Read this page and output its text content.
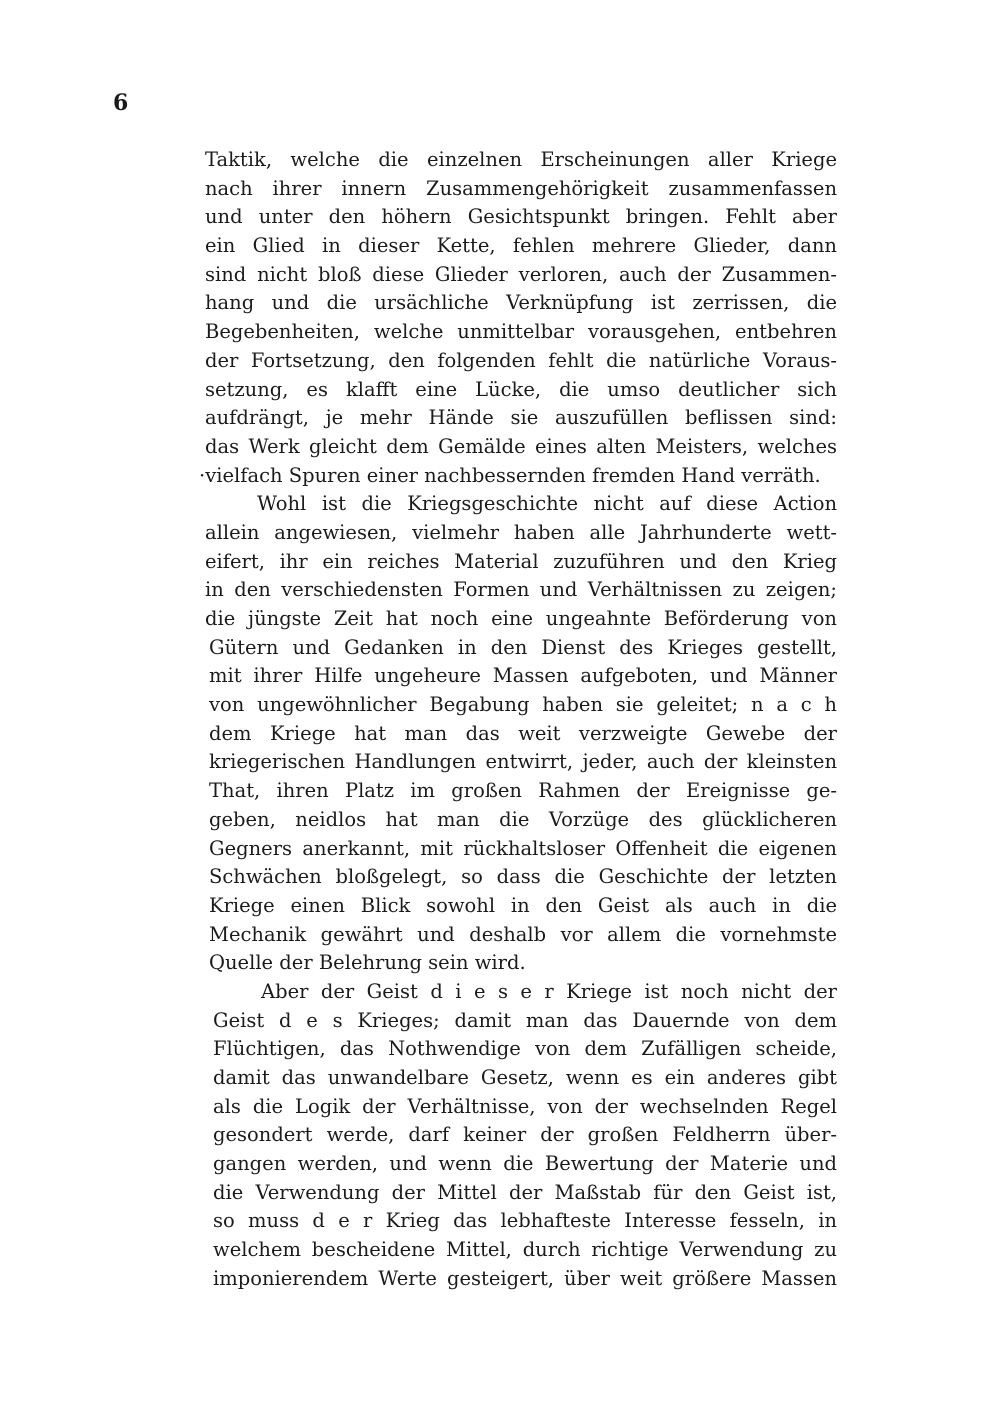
6
Taktik, welche die einzelnen Erscheinungen aller Kriege
nach ihrer innern Zusammengehörigkeit zusammenfassen
und unter den höhern Gesichtspunkt bringen. Fehlt aber
ein Glied in dieser Kette, fehlen mehrere Glieder, dann
sind nicht bloß diese Glieder verloren, auch der Zusammen-
hang und die ursächliche Verknüpfung ist zerrissen, die
Begebenheiten, welche unmittelbar vorausgehen, entbehren
der Fortsetzung, den folgenden fehlt die natürliche Voraus-
setzung, es klafft eine Lücke, die umso deutlicher sich
aufdrängt, je mehr Hände sie auszufüllen beflissen sind:
das Werk gleicht dem Gemälde eines alten Meisters, welches
·vielfach Spuren einer nachbessernden fremden Hand verräth.
Wohl ist die Kriegsgeschichte nicht auf diese Action
allein angewiesen, vielmehr haben alle Jahrhunderte wett-
eifert, ihr ein reiches Material zuzuführen und den Krieg
in den verschiedensten Formen und Verhältnissen zu zeigen;
die jüngste Zeit hat noch eine ungeahnte Beförderung von
Gütern und Gedanken in den Dienst des Krieges gestellt,
mit ihrer Hilfe ungeheure Massen aufgeboten, und Männer
von ungewöhnlicher Begabung haben sie geleitet; n a c h
dem Kriege hat man das weit verzweigte Gewebe der
kriegerischen Handlungen entwirrt, jeder, auch der kleinsten
That, ihren Platz im großen Rahmen der Ereignisse ge-
geben, neidlos hat man die Vorzüge des glücklicheren
Gegners anerkannt, mit rückhaltsloser Offenheit die eigenen
Schwächen bloßgelegt, so dass die Geschichte der letzten
Kriege einen Blick sowohl in den Geist als auch in die
Mechanik gewährt und deshalb vor allem die vornehmste
Quelle der Belehrung sein wird.
Aber der Geist d i e s e r Kriege ist noch nicht der
Geist d e s Krieges; damit man das Dauernde von dem
Flüchtigen, das Nothwendige von dem Zufälligen scheide,
damit das unwandelbare Gesetz, wenn es ein anderes gibt
als die Logik der Verhältnisse, von der wechselnden Regel
gesondert werde, darf keiner der großen Feldherrn über-
gangen werden, und wenn die Bewertung der Materie und
die Verwendung der Mittel der Maßstab für den Geist ist,
so muss d e r Krieg das lebhafteste Interesse fesseln, in
welchem bescheidene Mittel, durch richtige Verwendung zu
imponierendem Werte gesteigert, über weit größere Massen
